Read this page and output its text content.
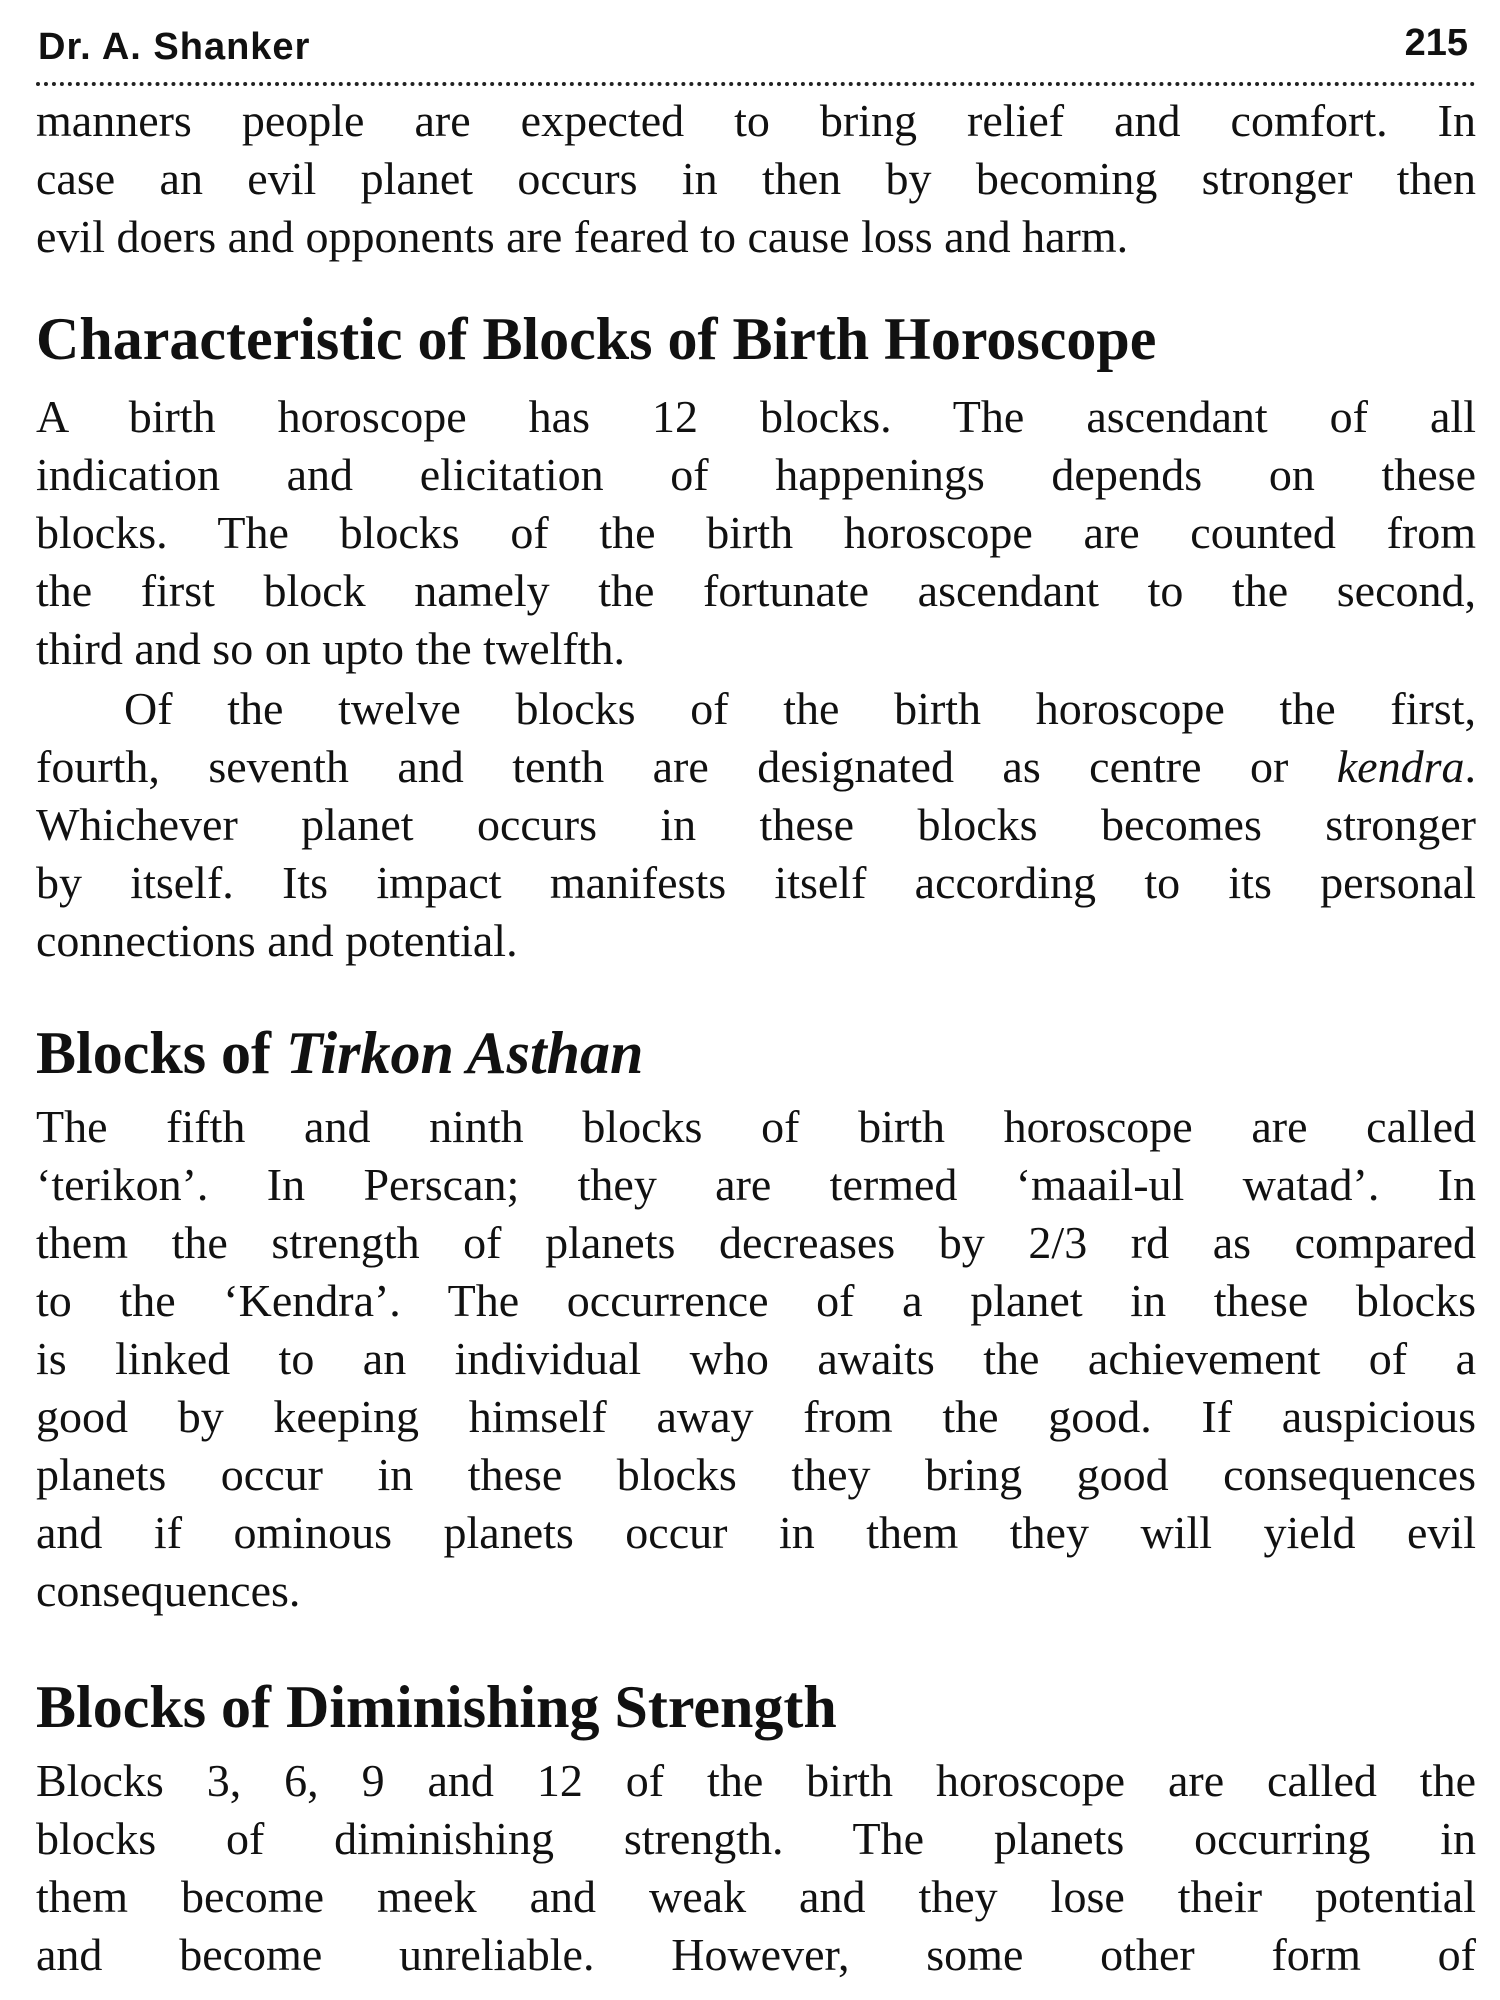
Dr. A. Shanker	215
manners people are expected to bring relief and comfort. In
case an evil planet occurs in then by becoming stronger then
evil doers and opponents are feared to cause loss and harm.
Characteristic of Blocks of Birth Horoscope
A birth horoscope has 12 blocks. The ascendant of all
indication and elicitation of happenings depends on these
blocks. The blocks of the birth horoscope are counted from
the first block namely the fortunate ascendant to the second,
third and so on upto the twelfth.
Of the twelve blocks of the birth horoscope the first,
fourth, seventh and tenth are designated as centre or kendra.
Whichever planet occurs in these blocks becomes stronger
by itself. Its impact manifests itself according to its personal
connections and potential.
Blocks of Tirkon Asthan
The fifth and ninth blocks of birth horoscope are called
‘terikon’. In Perscan; they are termed ‘maail-ul watad’. In
them the strength of planets decreases by 2/3 rd as compared
to the ‘Kendra’. The occurrence of a planet in these blocks
is linked to an individual who awaits the achievement of a
good by keeping himself away from the good. If auspicious
planets occur in these blocks they bring good consequences
and if ominous planets occur in them they will yield evil
consequences.
Blocks of Diminishing Strength
Blocks 3, 6, 9 and 12 of the birth horoscope are called the
blocks of diminishing strength. The planets occurring in
them become meek and weak and they lose their potential
and become unreliable. However, some other form of
